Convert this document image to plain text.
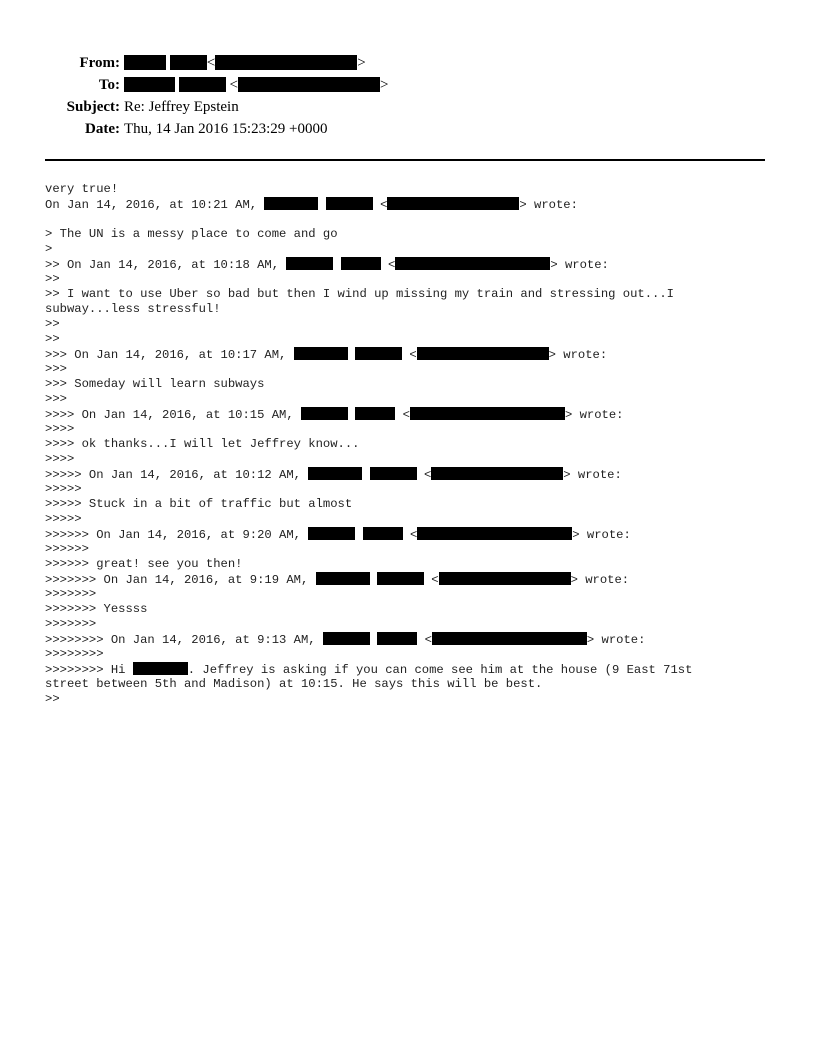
From:	<	>
To:	<	>
Subject: Re: Jeffrey Epstein
Date: Thu, 14 Jan 2016 15:23:29 +0000
very true!
On Jan 14, 2016, at 10:21 AM,	<	> wrote:
> The UN is a messy place to come and go
>
>> On Jan 14, 2016, at 10:18 AM,	<	> wrote:
>>
>> I want to use Uber so bad but then I wind up missing my train and stressing out...I
subway...less stressful!
>>
>>
>>> On Jan 14, 2016, at 10:17 AM,	<	> wrote:
>>>
>>> Someday will learn subways
>>>
>>>> On Jan 14, 2016, at 10:15 AM,	<	> wrote:
>>>>
>>>> ok thanks...I will let Jeffrey know...
>>>>
>>>>> On Jan 14, 2016, at 10:12 AM,	<	> wrote:
>>>>>
>>>>> Stuck in a bit of traffic but almost
>>>>>
>>>>>> On Jan 14, 2016, at 9:20 AM,	<	> wrote:
>>>>>>
>>>>>> great! see you then!
>>>>>>> On Jan 14, 2016, at 9:19 AM,	<	> wrote:
>>>>>>>
>>>>>>> Yessss
>>>>>>>
>>>>>>>> On Jan 14, 2016, at 9:13 AM,	<	> wrote:
>>>>>>>>
>>>>>>>> Hi	. Jeffrey is asking if you can come see him at the house (9 East 71st
street between 5th and Madison) at 10:15. He says this will be best.
>>
